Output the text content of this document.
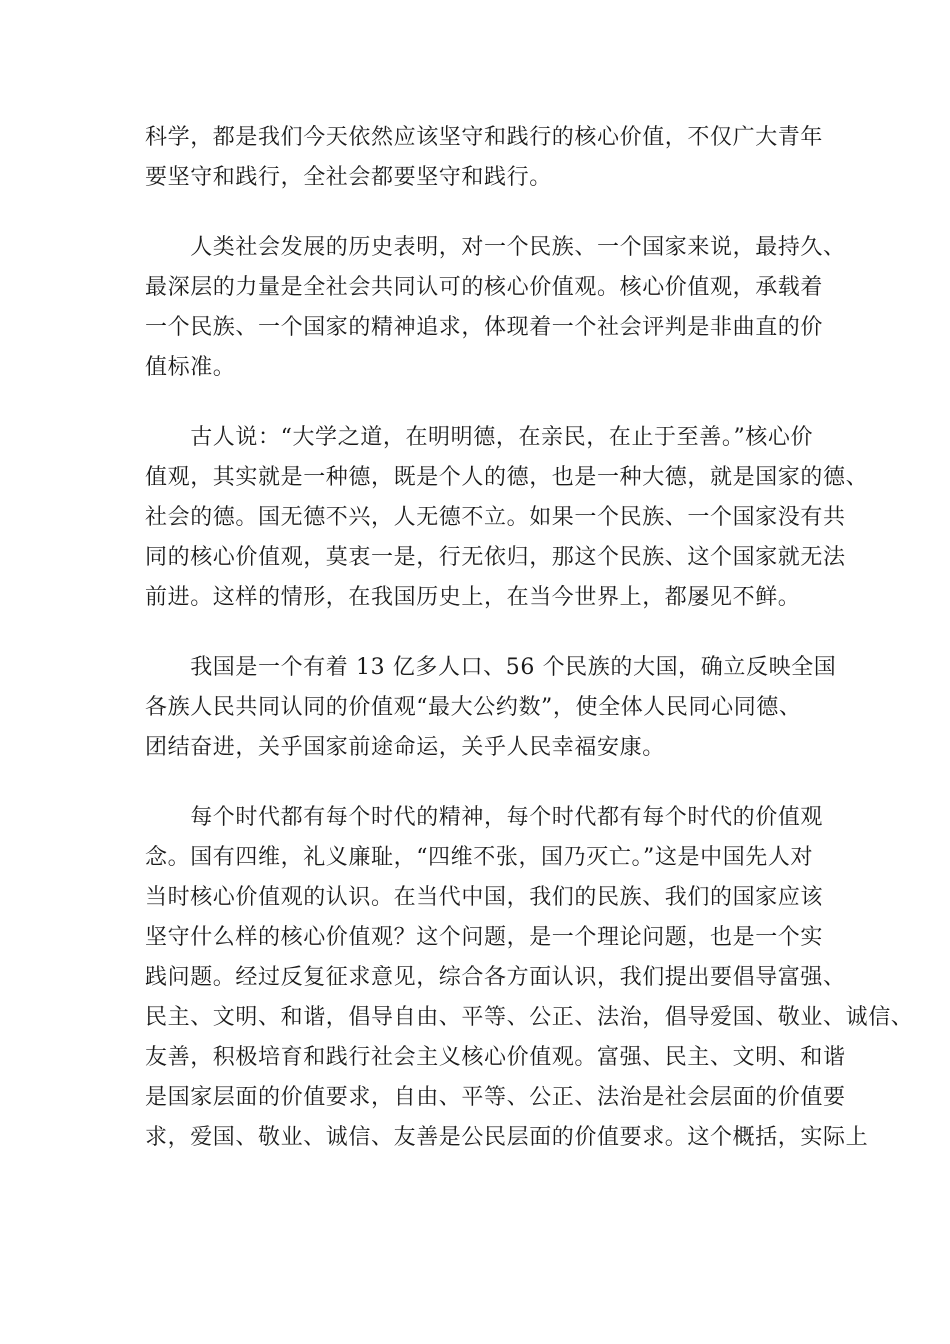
科学，都是我们今天依然应该坚守和践行的核心价值，不仅广大青年
要坚守和践行，全社会都要坚守和践行。

　　人类社会发展的历史表明，对一个民族、一个国家来说，最持久、
最深层的力量是全社会共同认可的核心价值观。核心价值观，承载着
一个民族、一个国家的精神追求，体现着一个社会评判是非曲直的价
值标准。

　　古人说：“大学之道，在明明德，在亲民，在止于至善。”核心价
值观，其实就是一种德，既是个人的德，也是一种大德，就是国家的德、
社会的德。国无德不兴，人无德不立。如果一个民族、一个国家没有共
同的核心价值观，莫衷一是，行无依归，那这个民族、这个国家就无法
前进。这样的情形，在我国历史上，在当今世界上，都屡见不鲜。

　　我国是一个有着 13 亿多人口、56 个民族的大国，确立反映全国
各族人民共同认同的价值观“最大公约数”，使全体人民同心同德、
团结奋进，关乎国家前途命运，关乎人民幸福安康。

　　每个时代都有每个时代的精神，每个时代都有每个时代的价值观
念。国有四维，礼义廉耻，“四维不张，国乃灭亡。”这是中国先人对
当时核心价值观的认识。在当代中国，我们的民族、我们的国家应该
坚守什么样的核心价值观？这个问题，是一个理论问题，也是一个实
践问题。经过反复征求意见，综合各方面认识，我们提出要倡导富强、
民主、文明、和谐，倡导自由、平等、公正、法治，倡导爱国、敬业、诚信、
友善，积极培育和践行社会主义核心价值观。富强、民主、文明、和谐
是国家层面的价值要求，自由、平等、公正、法治是社会层面的价值要
求，爱国、敬业、诚信、友善是公民层面的价值要求。这个概括，实际上
